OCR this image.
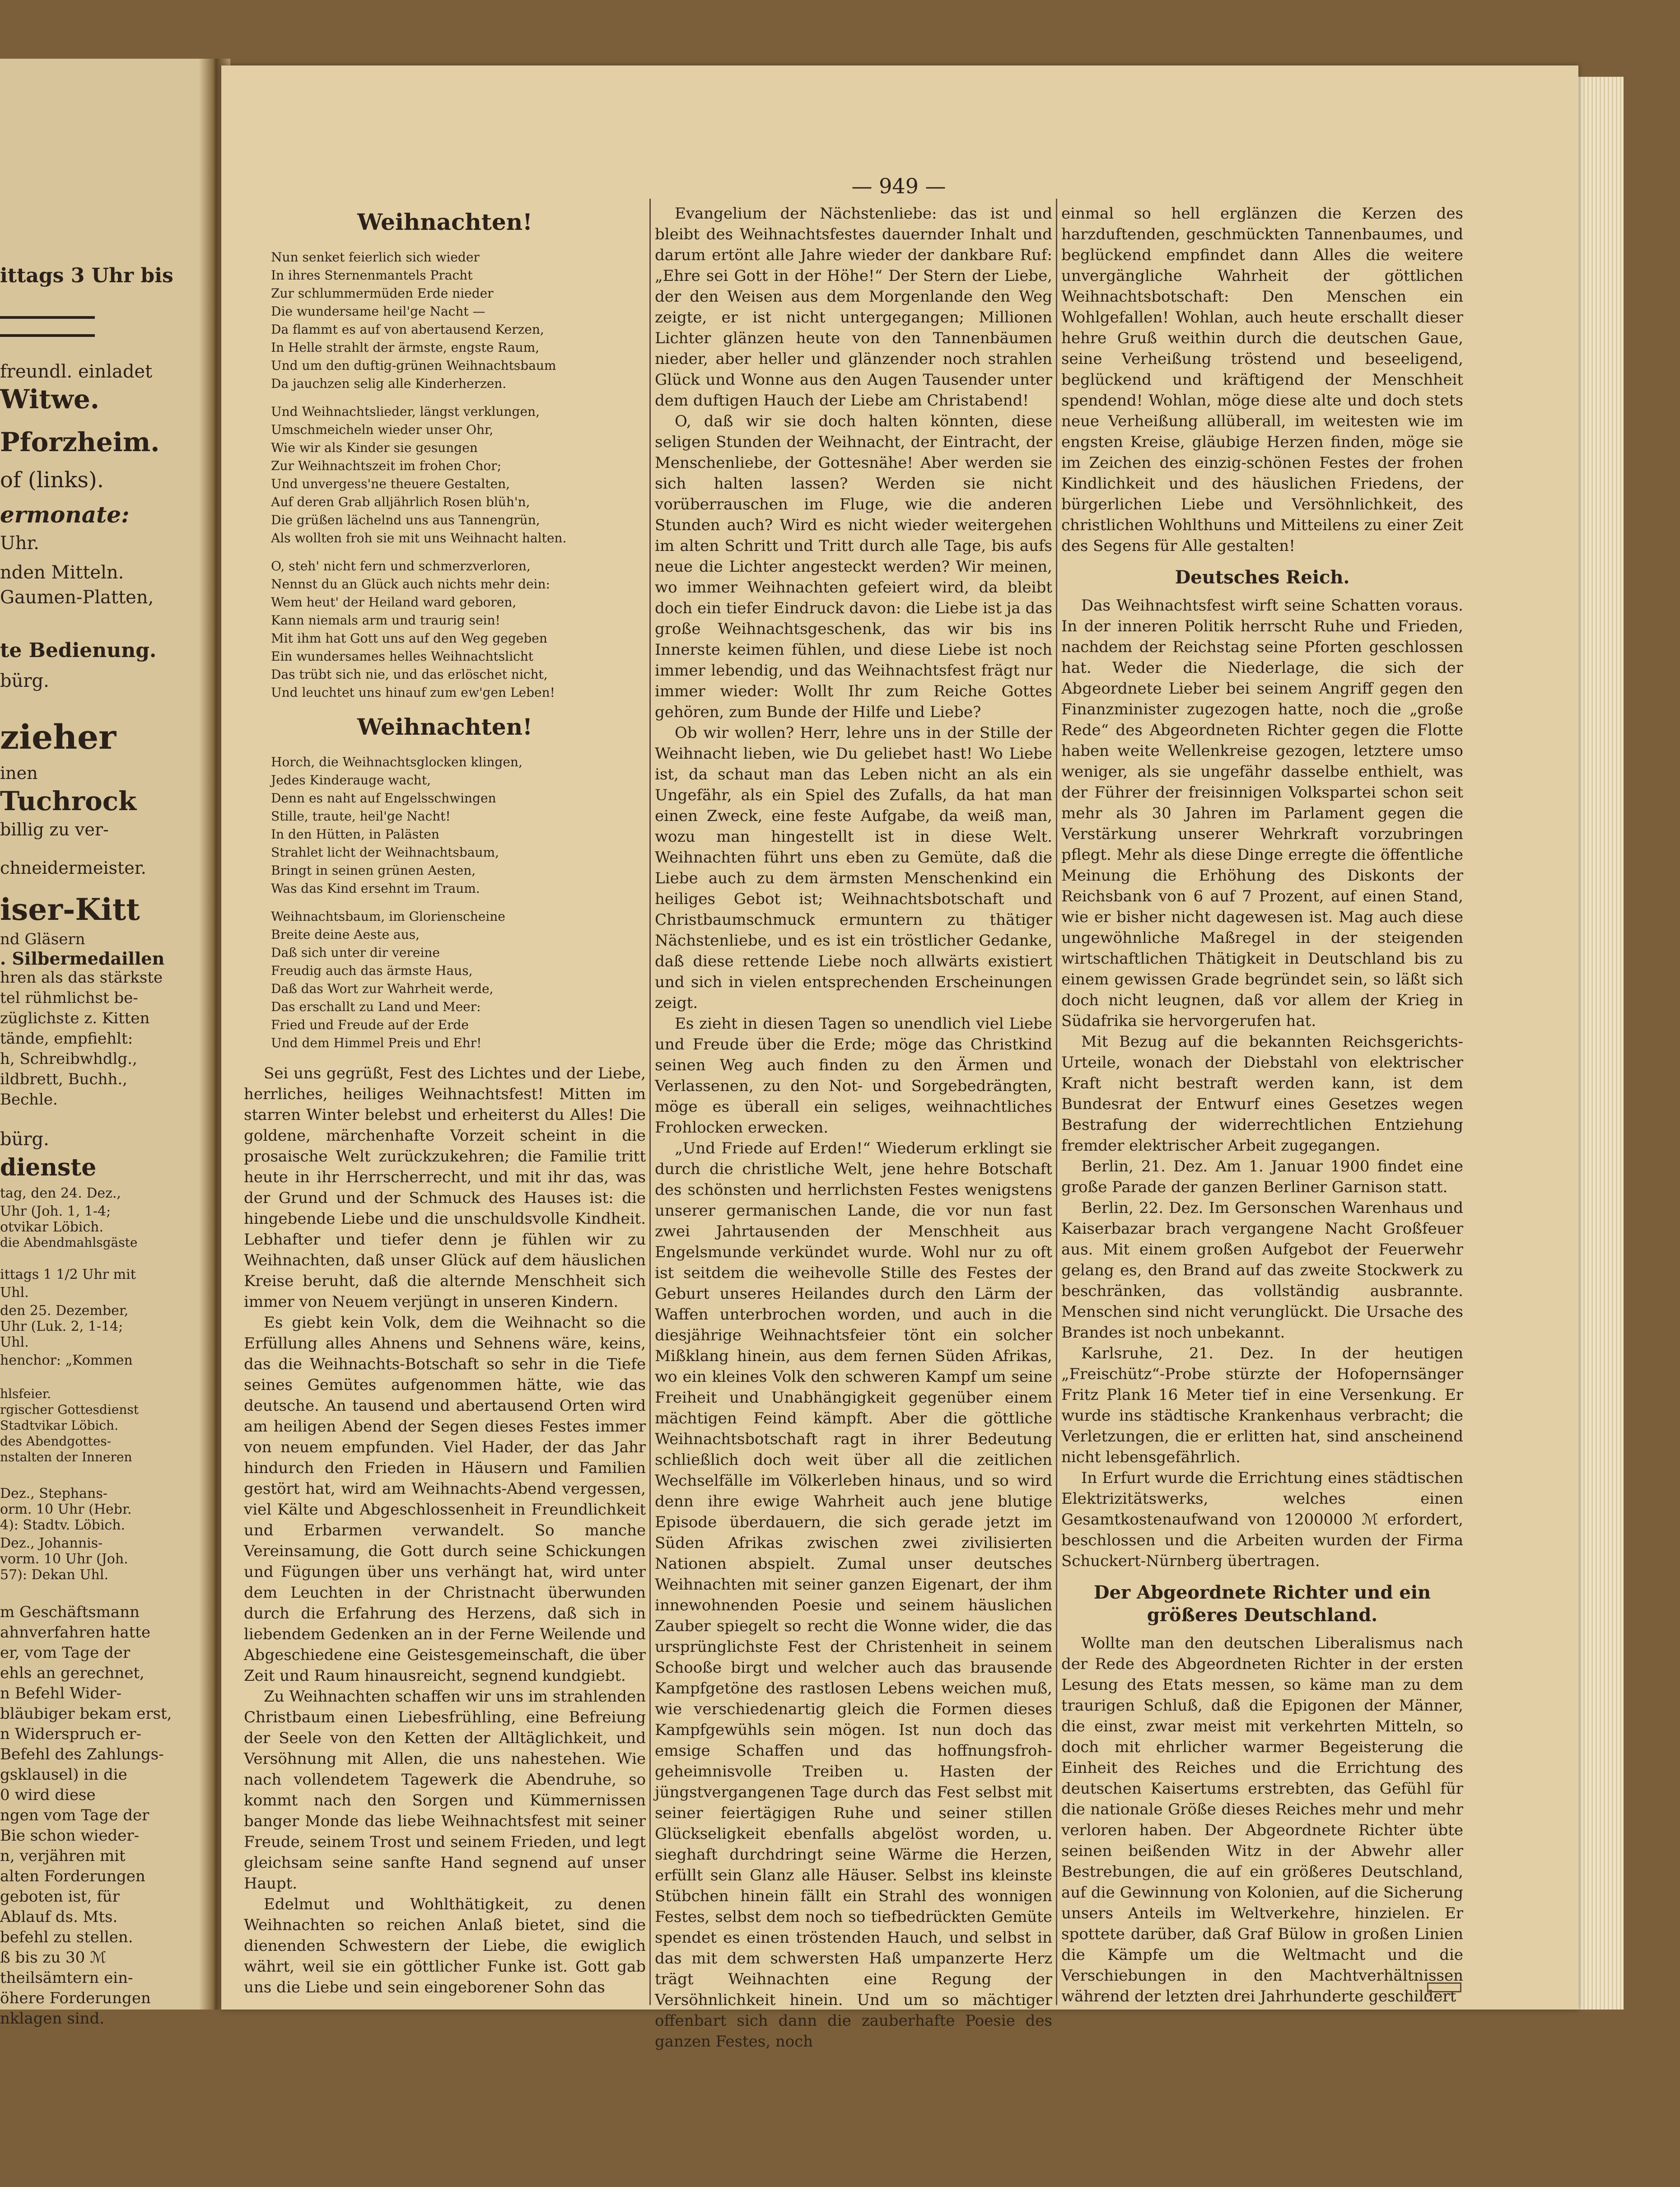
ittags 3 Uhr bis
freundl. einladet
Witwe.
Pforzheim.
of (links).
ermonate:
Uhr.
nden Mitteln.
Gaumen-Platten,
te Bedienung.
bürg.
zieher
inen
Tuchrock
billig zu ver-
chneidermeister.
iser-Kitt
nd Gläsern
. Silbermedaillen
hren als das stärkste
tel rühmlichst be-
züglichste z. Kitten
tände, empfiehlt:
h, Schreibwhdlg.,
ildbrett, Buchh.,
Bechle.
bürg.
dienste
tag, den 24. Dez.,
Uhr (Joh. 1, 1-4;
otvikar Löbich.
die Abendmahlsgäste
ittags 1 1/2 Uhr mit
Uhl.
den 25. Dezember,
Uhr (Luk. 2, 1-14;
Uhl.
henchor: „Kommen
hlsfeier.
rgischer Gottesdienst
Stadtvikar Löbich.
des Abendgottes-
nstalten der Inneren
Dez., Stephans-
orm. 10 Uhr (Hebr.
4): Stadtv. Löbich.
Dez., Johannis-
vorm. 10 Uhr (Joh.
57): Dekan Uhl.
m Geschäftsmann
ahnverfahren hatte
er, vom Tage der
ehls an gerechnet,
n Befehl Wider-
bläubiger bekam erst,
n Widerspruch er-
Befehl des Zahlungs-
gsklausel) in die
0 wird diese
ngen vom Tage der
Bie schon wieder-
n, verjähren mit
alten Forderungen
geboten ist, für
Ablauf ds. Mts.
befehl zu stellen.
ß bis zu 30 ℳ
theilsämtern ein-
öhere Forderungen
nklagen sind.
— 949 —
Weihnachten!
Nun senket feierlich sich wieder
In ihres Sternenmantels Pracht
Zur schlummermüden Erde nieder
Die wundersame heil'ge Nacht —
Da flammt es auf von abertausend Kerzen,
In Helle strahlt der ärmste, engste Raum,
Und um den duftig-grünen Weihnachtsbaum
Da jauchzen selig alle Kinderherzen.
Und Weihnachtslieder, längst verklungen,
Umschmeicheln wieder unser Ohr,
Wie wir als Kinder sie gesungen
Zur Weihnachtszeit im frohen Chor;
Und unvergess'ne theuere Gestalten,
Auf deren Grab alljährlich Rosen blüh'n,
Die grüßen lächelnd uns aus Tannengrün,
Als wollten froh sie mit uns Weihnacht halten.
O, steh' nicht fern und schmerzverloren,
Nennst du an Glück auch nichts mehr dein:
Wem heut' der Heiland ward geboren,
Kann niemals arm und traurig sein!
Mit ihm hat Gott uns auf den Weg gegeben
Ein wundersames helles Weihnachtslicht
Das trübt sich nie, und das erlöschet nicht,
Und leuchtet uns hinauf zum ew'gen Leben!
Weihnachten!
Horch, die Weihnachtsglocken klingen,
Jedes Kinderauge wacht,
Denn es naht auf Engelsschwingen
Stille, traute, heil'ge Nacht!
In den Hütten, in Palästen
Strahlet licht der Weihnachtsbaum,
Bringt in seinen grünen Aesten,
Was das Kind ersehnt im Traum.
Weihnachtsbaum, im Glorienscheine
Breite deine Aeste aus,
Daß sich unter dir vereine
Freudig auch das ärmste Haus,
Daß das Wort zur Wahrheit werde,
Das erschallt zu Land und Meer:
Fried und Freude auf der Erde
Und dem Himmel Preis und Ehr!

Sei uns gegrüßt, Fest des Lichtes und der Liebe, herrliches, heiliges Weihnachtsfest! Mitten im starren Winter belebst und erheiterst du Alles! Die goldene, märchenhafte Vorzeit scheint in die prosaische Welt zurückzukehren; die Familie tritt heute in ihr Herrscherrecht, und mit ihr das, was der Grund und der Schmuck des Hauses ist: die hingebende Liebe und die unschuldsvolle Kindheit. Lebhafter und tiefer denn je fühlen wir zu Weihnachten, daß unser Glück auf dem häuslichen Kreise beruht, daß die alternde Menschheit sich immer von Neuem verjüngt in unseren Kindern.

Es giebt kein Volk, dem die Weihnacht so die Erfüllung alles Ahnens und Sehnens wäre, keins, das die Weihnachts-Botschaft so sehr in die Tiefe seines Gemütes aufgenommen hätte, wie das deutsche. An tausend und abertausend Orten wird am heiligen Abend der Segen dieses Festes immer von neuem empfunden. Viel Hader, der das Jahr hindurch den Frieden in Häusern und Familien gestört hat, wird am Weihnachts-Abend vergessen, viel Kälte und Abgeschlossenheit in Freundlichkeit und Erbarmen verwandelt. So manche Vereinsamung, die Gott durch seine Schickungen und Fügungen über uns verhängt hat, wird unter dem Leuchten in der Christnacht überwunden durch die Erfahrung des Herzens, daß sich in liebendem Gedenken an in der Ferne Weilende und Abgeschiedene eine Geistesgemeinschaft, die über Zeit und Raum hinausreicht, segnend kundgiebt.

Zu Weihnachten schaffen wir uns im strahlenden Christbaum einen Liebesfrühling, eine Befreiung der Seele von den Ketten der Alltäglichkeit, und Versöhnung mit Allen, die uns nahestehen. Wie nach vollendetem Tagewerk die Abendruhe, so kommt nach den Sorgen und Kümmernissen banger Monde das liebe Weihnachtsfest mit seiner Freude, seinem Trost und seinem Frieden, und legt gleichsam seine sanfte Hand segnend auf unser Haupt.

Edelmut und Wohlthätigkeit, zu denen Weihnachten so reichen Anlaß bietet, sind die dienenden Schwestern der Liebe, die ewiglich währt, weil sie ein göttlicher Funke ist. Gott gab uns die Liebe und sein eingeborener Sohn das

Evangelium der Nächstenliebe: das ist und bleibt des Weihnachtsfestes dauernder Inhalt und darum ertönt alle Jahre wieder der dankbare Ruf: „Ehre sei Gott in der Höhe!“ Der Stern der Liebe, der den Weisen aus dem Morgenlande den Weg zeigte, er ist nicht untergegangen; Millionen Lichter glänzen heute von den Tannenbäumen nieder, aber heller und glänzender noch strahlen Glück und Wonne aus den Augen Tausender unter dem duftigen Hauch der Liebe am Christabend!

O, daß wir sie doch halten könnten, diese seligen Stunden der Weihnacht, der Eintracht, der Menschenliebe, der Gottesnähe! Aber werden sie sich halten lassen? Werden sie nicht vorüberrauschen im Fluge, wie die anderen Stunden auch? Wird es nicht wieder weitergehen im alten Schritt und Tritt durch alle Tage, bis aufs neue die Lichter angesteckt werden? Wir meinen, wo immer Weihnachten gefeiert wird, da bleibt doch ein tiefer Eindruck davon: die Liebe ist ja das große Weihnachtsgeschenk, das wir bis ins Innerste keimen fühlen, und diese Liebe ist noch immer lebendig, und das Weihnachtsfest frägt nur immer wieder: Wollt Ihr zum Reiche Gottes gehören, zum Bunde der Hilfe und Liebe?

Ob wir wollen? Herr, lehre uns in der Stille der Weihnacht lieben, wie Du geliebet hast! Wo Liebe ist, da schaut man das Leben nicht an als ein Ungefähr, als ein Spiel des Zufalls, da hat man einen Zweck, eine feste Aufgabe, da weiß man, wozu man hingestellt ist in diese Welt. Weihnachten führt uns eben zu Gemüte, daß die Liebe auch zu dem ärmsten Menschenkind ein heiliges Gebot ist; Weihnachtsbotschaft und Christbaumschmuck ermuntern zu thätiger Nächstenliebe, und es ist ein tröstlicher Gedanke, daß diese rettende Liebe noch allwärts existiert und sich in vielen entsprechenden Erscheinungen zeigt.

Es zieht in diesen Tagen so unendlich viel Liebe und Freude über die Erde; möge das Christkind seinen Weg auch finden zu den Ärmen und Verlassenen, zu den Not- und Sorgebedrängten, möge es überall ein seliges, weihnachtliches Frohlocken erwecken.

„Und Friede auf Erden!“ Wiederum erklingt sie durch die christliche Welt, jene hehre Botschaft des schönsten und herrlichsten Festes wenigstens unserer germanischen Lande, die vor nun fast zwei Jahrtausenden der Menschheit aus Engelsmunde verkündet wurde. Wohl nur zu oft ist seitdem die weihevolle Stille des Festes der Geburt unseres Heilandes durch den Lärm der Waffen unterbrochen worden, und auch in die diesjährige Weihnachtsfeier tönt ein solcher Mißklang hinein, aus dem fernen Süden Afrikas, wo ein kleines Volk den schweren Kampf um seine Freiheit und Unabhängigkeit gegenüber einem mächtigen Feind kämpft. Aber die göttliche Weihnachtsbotschaft ragt in ihrer Bedeutung schließlich doch weit über all die zeitlichen Wechselfälle im Völkerleben hinaus, und so wird denn ihre ewige Wahrheit auch jene blutige Episode überdauern, die sich gerade jetzt im Süden Afrikas zwischen zwei zivilisierten Nationen abspielt. Zumal unser deutsches Weihnachten mit seiner ganzen Eigenart, der ihm innewohnenden Poesie und seinem häuslichen Zauber spiegelt so recht die Wonne wider, die das ursprünglichste Fest der Christenheit in seinem Schooße birgt und welcher auch das brausende Kampfgetöne des rastlosen Lebens weichen muß, wie verschiedenartig gleich die Formen dieses Kampfgewühls sein mögen. Ist nun doch das emsige Schaffen und das hoffnungsfroh-geheimnisvolle Treiben u. Hasten der jüngstvergangenen Tage durch das Fest selbst mit seiner feiertägigen Ruhe und seiner stillen Glückseligkeit ebenfalls abgelöst worden, u. sieghaft durchdringt seine Wärme die Herzen, erfüllt sein Glanz alle Häuser. Selbst ins kleinste Stübchen hinein fällt ein Strahl des wonnigen Festes, selbst dem noch so tiefbedrückten Gemüte spendet es einen tröstenden Hauch, und selbst in das mit dem schwersten Haß umpanzerte Herz trägt Weihnachten eine Regung der Versöhnlichkeit hinein. Und um so mächtiger offenbart sich dann die zauberhafte Poesie des ganzen Festes, noch

einmal so hell erglänzen die Kerzen des harzduftenden, geschmückten Tannenbaumes, und beglückend empfindet dann Alles die weitere unvergängliche Wahrheit der göttlichen Weihnachtsbotschaft: Den Menschen ein Wohlgefallen! Wohlan, auch heute erschallt dieser hehre Gruß weithin durch die deutschen Gaue, seine Verheißung tröstend und beseeligend, beglückend und kräftigend der Menschheit spendend! Wohlan, möge diese alte und doch stets neue Verheißung allüberall, im weitesten wie im engsten Kreise, gläubige Herzen finden, möge sie im Zeichen des einzig-schönen Festes der frohen Kindlichkeit und des häuslichen Friedens, der bürgerlichen Liebe und Versöhnlichkeit, des christlichen Wohlthuns und Mitteilens zu einer Zeit des Segens für Alle gestalten!

Deutsches Reich.

Das Weihnachtsfest wirft seine Schatten voraus. In der inneren Politik herrscht Ruhe und Frieden, nachdem der Reichstag seine Pforten geschlossen hat. Weder die Niederlage, die sich der Abgeordnete Lieber bei seinem Angriff gegen den Finanzminister zugezogen hatte, noch die „große Rede“ des Abgeordneten Richter gegen die Flotte haben weite Wellenkreise gezogen, letztere umso weniger, als sie ungefähr dasselbe enthielt, was der Führer der freisinnigen Volkspartei schon seit mehr als 30 Jahren im Parlament gegen die Verstärkung unserer Wehrkraft vorzubringen pflegt. Mehr als diese Dinge erregte die öffentliche Meinung die Erhöhung des Diskonts der Reichsbank von 6 auf 7 Prozent, auf einen Stand, wie er bisher nicht dagewesen ist. Mag auch diese ungewöhnliche Maßregel in der steigenden wirtschaftlichen Thätigkeit in Deutschland bis zu einem gewissen Grade begründet sein, so läßt sich doch nicht leugnen, daß vor allem der Krieg in Südafrika sie hervorgerufen hat.

Mit Bezug auf die bekannten Reichsgerichts-Urteile, wonach der Diebstahl von elektrischer Kraft nicht bestraft werden kann, ist dem Bundesrat der Entwurf eines Gesetzes wegen Bestrafung der widerrechtlichen Entziehung fremder elektrischer Arbeit zugegangen.

Berlin, 21. Dez. Am 1. Januar 1900 findet eine große Parade der ganzen Berliner Garnison statt.

Berlin, 22. Dez. Im Gersonschen Warenhaus und Kaiserbazar brach vergangene Nacht Großfeuer aus. Mit einem großen Aufgebot der Feuerwehr gelang es, den Brand auf das zweite Stockwerk zu beschränken, das vollständig ausbrannte. Menschen sind nicht verunglückt. Die Ursache des Brandes ist noch unbekannt.

Karlsruhe, 21. Dez. In der heutigen „Freischütz“-Probe stürzte der Hofopernsänger Fritz Plank 16 Meter tief in eine Versenkung. Er wurde ins städtische Krankenhaus verbracht; die Verletzungen, die er erlitten hat, sind anscheinend nicht lebensgefährlich.

In Erfurt wurde die Errichtung eines städtischen Elektrizitätswerks, welches einen Gesamtkostenaufwand von 1200000 ℳ erfordert, beschlossen und die Arbeiten wurden der Firma Schuckert-Nürnberg übertragen.

Der Abgeordnete Richter und ein größeres Deutschland.

Wollte man den deutschen Liberalismus nach der Rede des Abgeordneten Richter in der ersten Lesung des Etats messen, so käme man zu dem traurigen Schluß, daß die Epigonen der Männer, die einst, zwar meist mit verkehrten Mitteln, so doch mit ehrlicher warmer Begeisterung die Einheit des Reiches und die Errichtung des deutschen Kaisertums erstrebten, das Gefühl für die nationale Größe dieses Reiches mehr und mehr verloren haben. Der Abgeordnete Richter übte seinen beißenden Witz in der Abwehr aller Bestrebungen, die auf ein größeres Deutschland, auf die Gewinnung von Kolonien, auf die Sicherung unsers Anteils im Weltverkehre, hinzielen. Er spottete darüber, daß Graf Bülow in großen Linien die Kämpfe um die Weltmacht und die Verschiebungen in den Machtverhältnissen während der letzten drei Jahrhunderte geschildert
